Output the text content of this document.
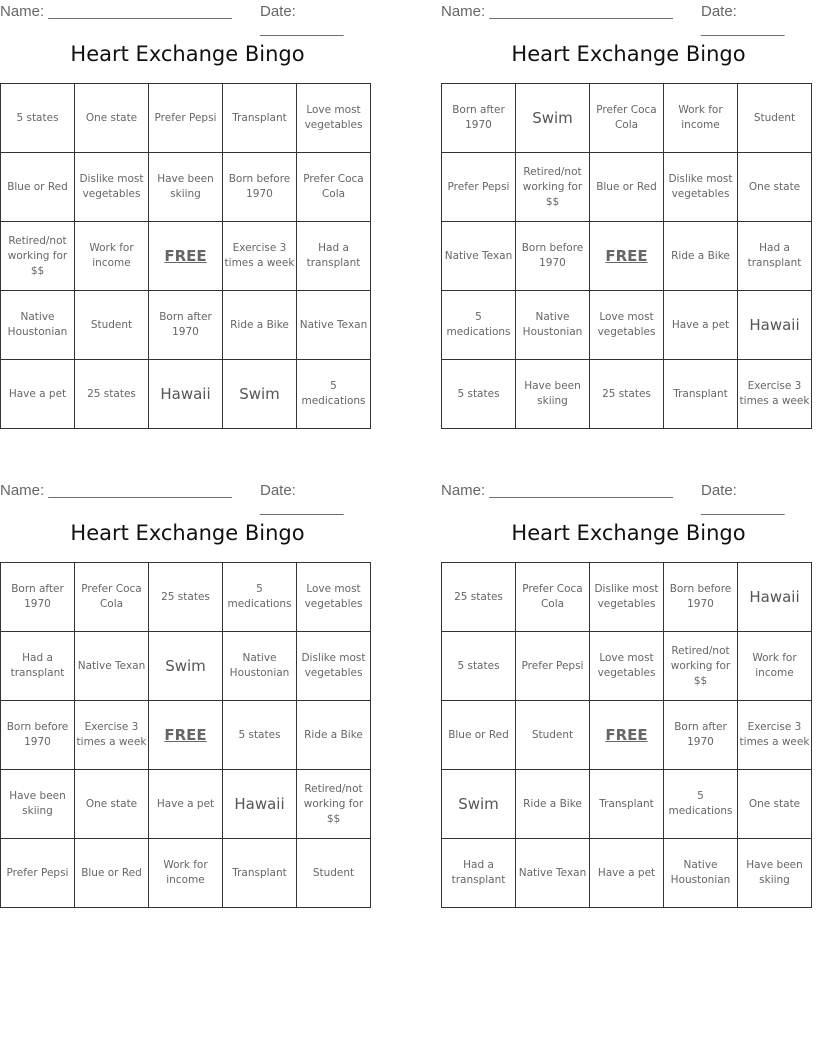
Name: ______________________ Date: __________
Heart Exchange Bingo
5 states	One state	Prefer Pepsi	Transplant	Love most vegetables
Blue or Red	Dislike most vegetables	Have been skiing	Born before 1970	Prefer Coca Cola
Retired/not working for $$	Work for income	FREE	Exercise 3 times a week	Had a transplant
Native Houstonian	Student	Born after 1970	Ride a Bike	Native Texan
Have a pet	25 states	Hawaii	Swim	5 medications
Name: ______________________ Date: __________
Heart Exchange Bingo
Born after 1970	Swim	Prefer Coca Cola	Work for income	Student
Prefer Pepsi	Retired/not working for $$	Blue or Red	Dislike most vegetables	One state
Native Texan	Born before 1970	FREE	Ride a Bike	Had a transplant
5 medications	Native Houstonian	Love most vegetables	Have a pet	Hawaii
5 states	Have been skiing	25 states	Transplant	Exercise 3 times a week
Name: ______________________ Date: __________
Heart Exchange Bingo
Born after 1970	Prefer Coca Cola	25 states	5 medications	Love most vegetables
Had a transplant	Native Texan	Swim	Native Houstonian	Dislike most vegetables
Born before 1970	Exercise 3 times a week	FREE	5 states	Ride a Bike
Have been skiing	One state	Have a pet	Hawaii	Retired/not working for $$
Prefer Pepsi	Blue or Red	Work for income	Transplant	Student
Name: ______________________ Date: __________
Heart Exchange Bingo
25 states	Prefer Coca Cola	Dislike most vegetables	Born before 1970	Hawaii
5 states	Prefer Pepsi	Love most vegetables	Retired/not working for $$	Work for income
Blue or Red	Student	FREE	Born after 1970	Exercise 3 times a week
Swim	Ride a Bike	Transplant	5 medications	One state
Had a transplant	Native Texan	Have a pet	Native Houstonian	Have been skiing
